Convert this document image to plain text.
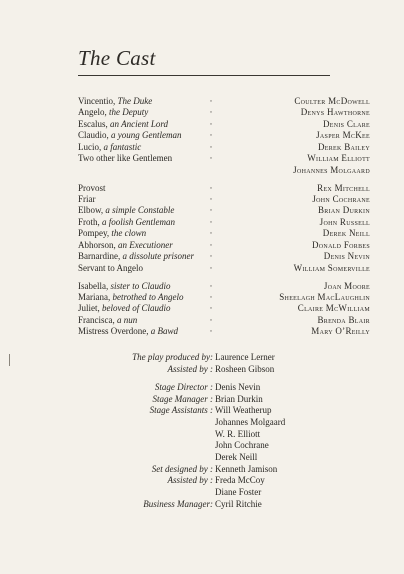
The Cast
Vincentio, The Duke	·	Coulter McDowell
Angelo, the Deputy	·	Denys Hawthorne
Escalus, an Ancient Lord	·	Denis Clare
Claudio, a young Gentleman	·	Jasper McKee
Lucio, a fantastic	·	Derek Bailey
Two other like Gentlemen	·	William Elliott
Johannes Molgaard
Provost	·	Rex Mitchell
Friar	·	John Cochrane
Elbow, a simple Constable	·	Brian Durkin
Froth, a foolish Gentleman	·	John Russell
Pompey, the clown	·	Derek Neill
Abhorson, an Executioner	·	Donald Forbes
Barnardine, a dissolute prisoner ·	Denis Nevin
Servant to Angelo	·	William Somerville
Isabella, sister to Claudio	·	Joan Moore
Mariana, betrothed to Angelo	·	Sheelagh MacLaughlin
Juliet, beloved of Claudio	·	Claire McWilliam
Francisca, a nun	·	Brenda Blair
Mistress Overdone, a Bawd	·	Mary O’Reilly
The play produced by: Laurence Lerner
Assisted by : Rosheen Gibson
Stage Director : Denis Nevin
Stage Manager : Brian Durkin
Stage Assistants : Will Weatherup
Johannes Molgaard
W. R. Elliott
John Cochrane
Derek Neill
Set designed by : Kenneth Jamison
Assisted by : Freda McCoy
Diane Foster
Business Manager: Cyril Ritchie
